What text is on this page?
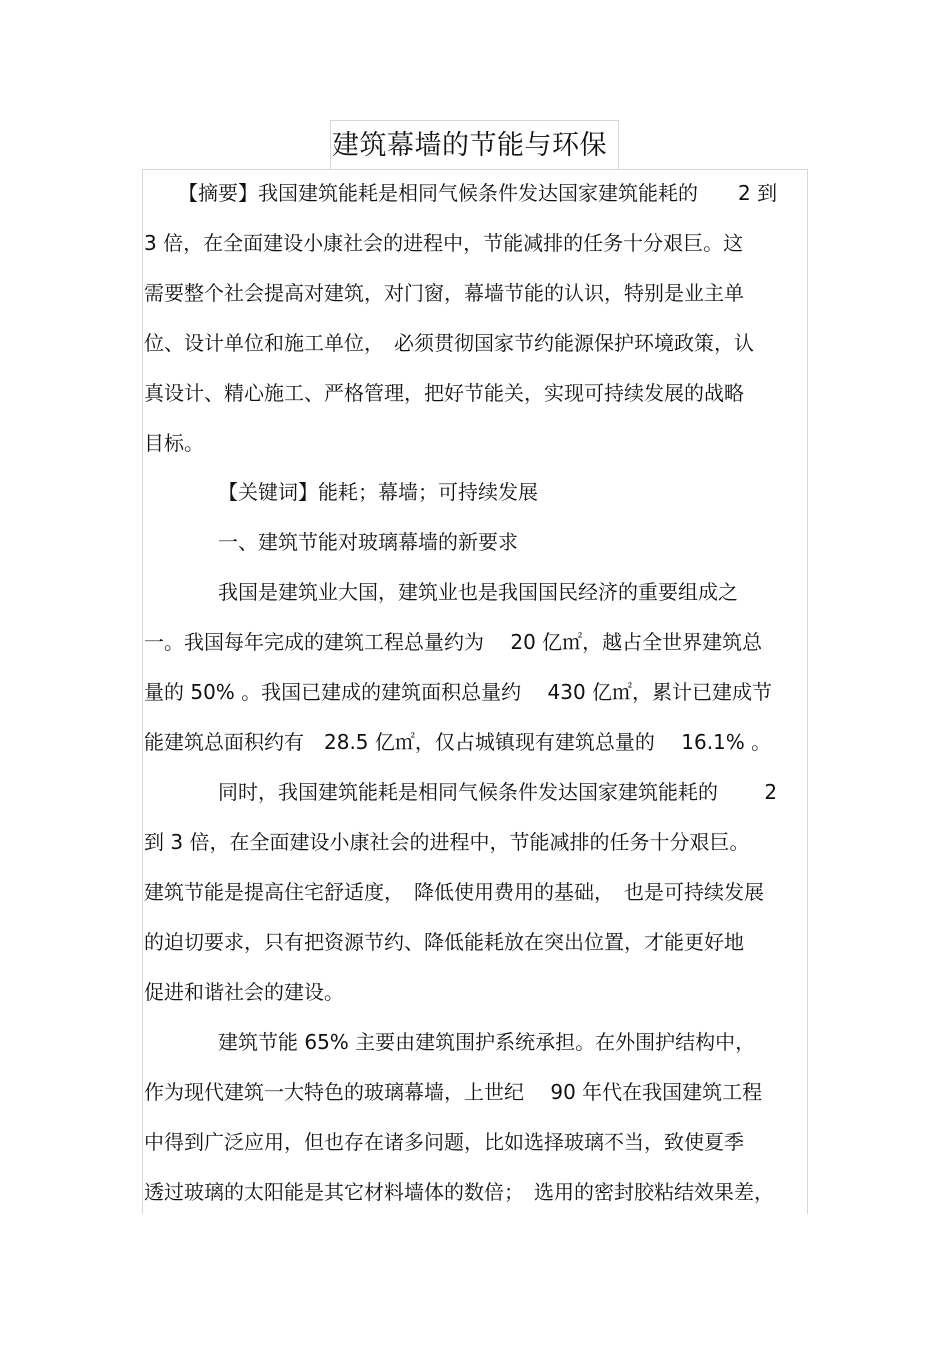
建筑幕墙的节能与环保
【摘要】我国建筑能耗是相同气候条件发达国家建筑能耗的　　2 到
3 倍，在全面建设小康社会的进程中，节能减排的任务十分艰巨。这
需要整个社会提高对建筑，对门窗，幕墙节能的认识，特别是业主单
位、设计单位和施工单位，　必须贯彻国家节约能源保护环境政策，认
真设计、精心施工、严格管理，把好节能关，实现可持续发展的战略
目标。
【关键词】能耗；幕墙；可持续发展
一、建筑节能对玻璃幕墙的新要求
我国是建筑业大国，建筑业也是我国国民经济的重要组成之
一。我国每年完成的建筑工程总量约为　 20 亿㎡，越占全世界建筑总
量的 50% 。我国已建成的建筑面积总量约　 430 亿㎡，累计已建成节
能建筑总面积约有　28.5 亿㎡，仅占城镇现有建筑总量的　 16.1% 。
同时，我国建筑能耗是相同气候条件发达国家建筑能耗的　　 2
到 3 倍，在全面建设小康社会的进程中，节能减排的任务十分艰巨。
建筑节能是提高住宅舒适度，　降低使用费用的基础，　也是可持续发展
的迫切要求，只有把资源节约、降低能耗放在突出位置，才能更好地
促进和谐社会的建设。
建筑节能 65% 主要由建筑围护系统承担。在外围护结构中，
作为现代建筑一大特色的玻璃幕墙，上世纪　 90 年代在我国建筑工程
中得到广泛应用，但也存在诸多问题，比如选择玻璃不当，致使夏季
透过玻璃的太阳能是其它材料墙体的数倍；　选用的密封胶粘结效果差，
